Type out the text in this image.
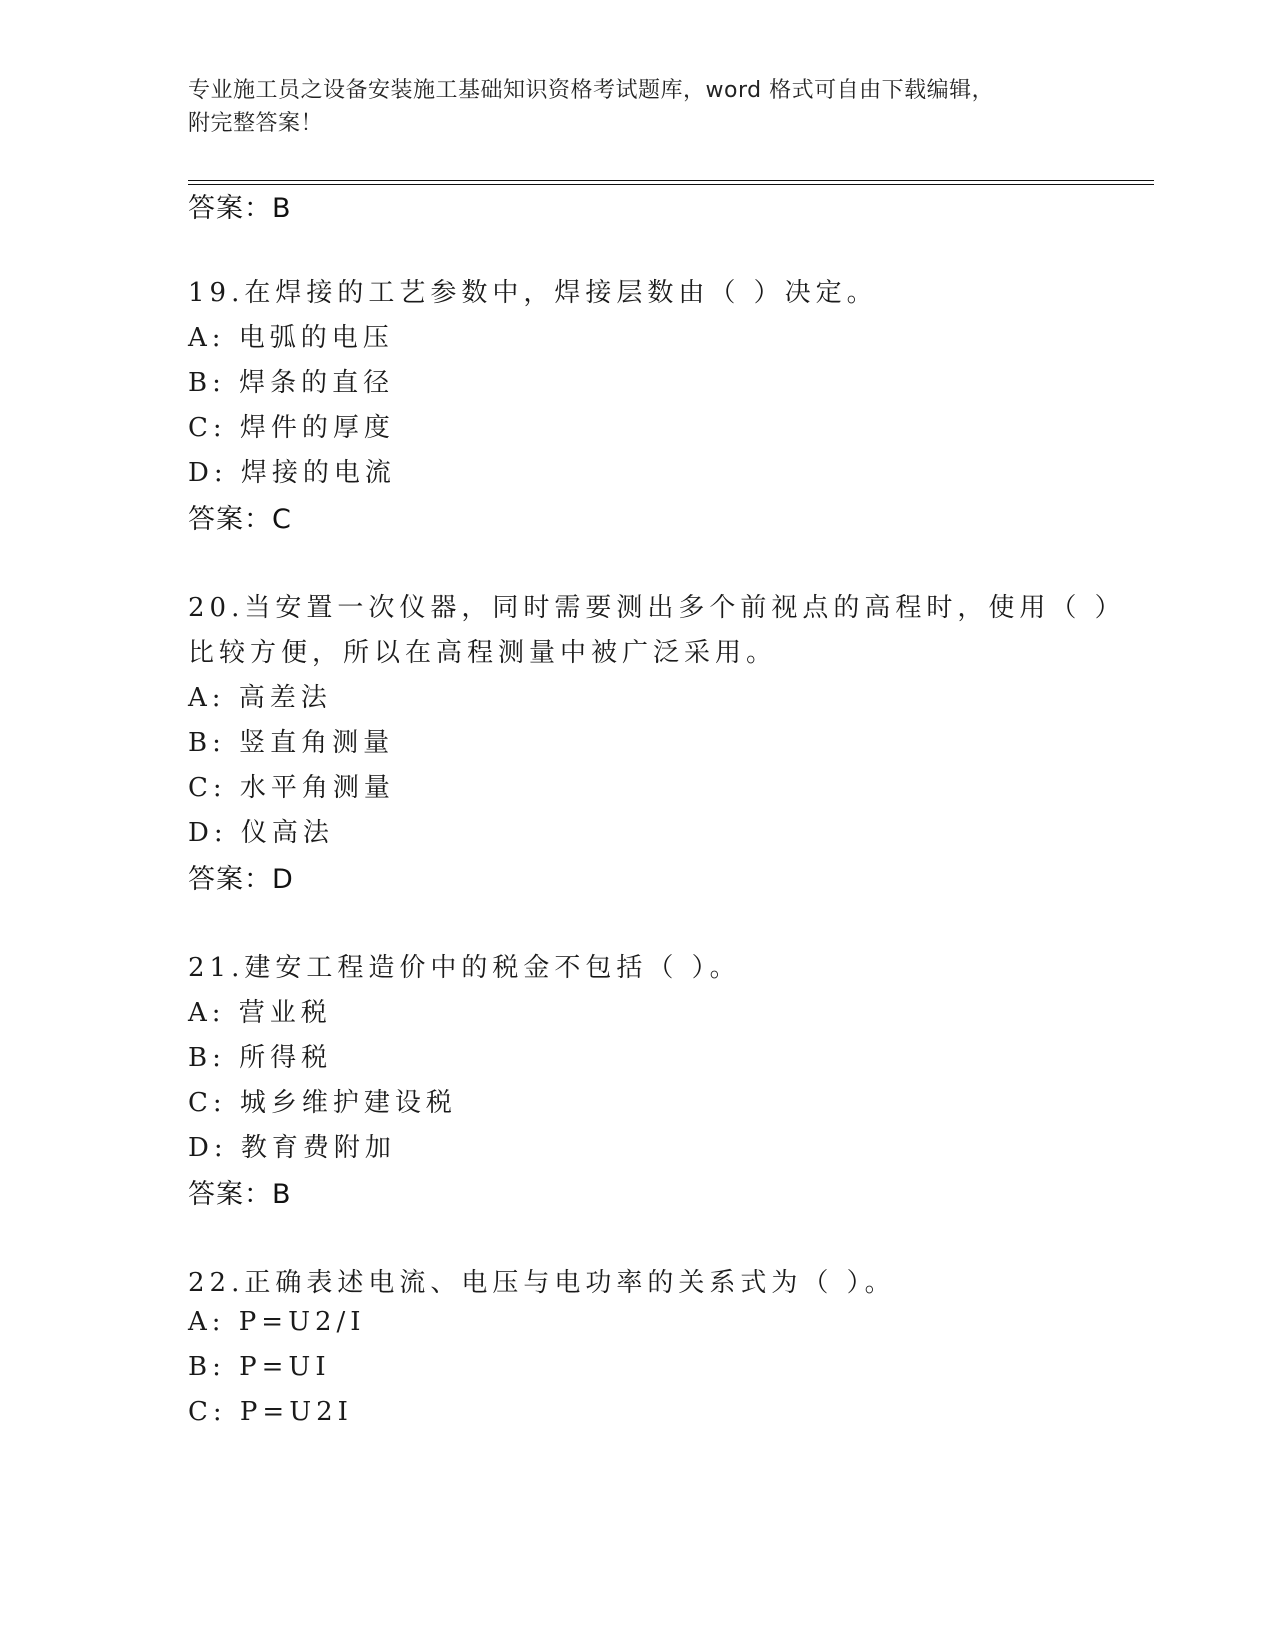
专业施工员之设备安装施工基础知识资格考试题库，word 格式可自由下载编辑，
附完整答案！
答案：B
19.在焊接的工艺参数中，焊接层数由（ ）决定。
A: 电弧的电压
B: 焊条的直径
C: 焊件的厚度
D: 焊接的电流
答案：C
20.当安置一次仪器，同时需要测出多个前视点的高程时，使用（ ）
比较方便，所以在高程测量中被广泛采用。
A: 高差法
B: 竖直角测量
C: 水平角测量
D: 仪高法
答案：D
21.建安工程造价中的税金不包括（ ）。
A: 营业税
B: 所得税
C: 城乡维护建设税
D: 教育费附加
答案：B
22.正确表述电流、电压与电功率的关系式为（ ）。
A: P=U2/I
B: P=UI
C: P=U2I
